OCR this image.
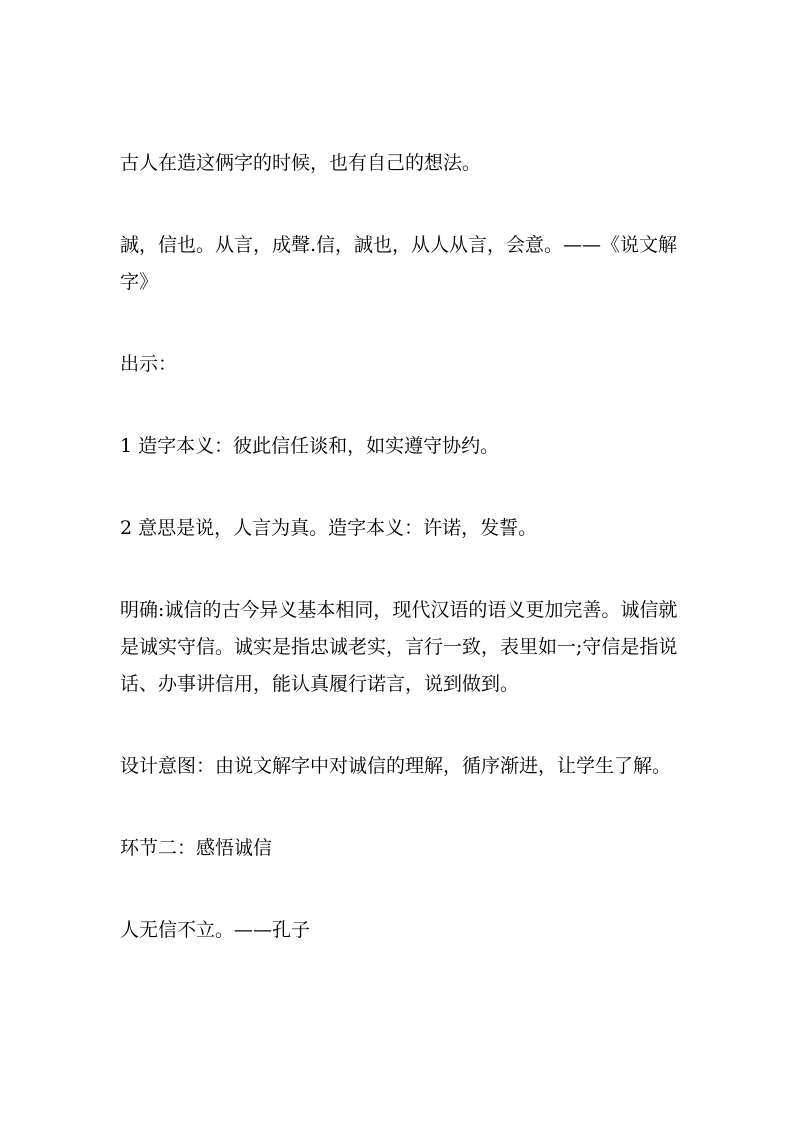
古人在造这俩字的时候，也有自己的想法。

誠，信也。从言，成聲.信，誠也，从人从言，会意。——《说文解字》

出示：

1 造字本义：彼此信任谈和，如实遵守协约。

2 意思是说，人言为真。造字本义：许诺，发誓。

明确:诚信的古今异义基本相同，现代汉语的语义更加完善。诚信就是诚实守信。诚实是指忠诚老实，言行一致，表里如一;守信是指说话、办事讲信用，能认真履行诺言，说到做到。

设计意图：由说文解字中对诚信的理解，循序渐进，让学生了解。

环节二：感悟诚信

人无信不立。——孔子
